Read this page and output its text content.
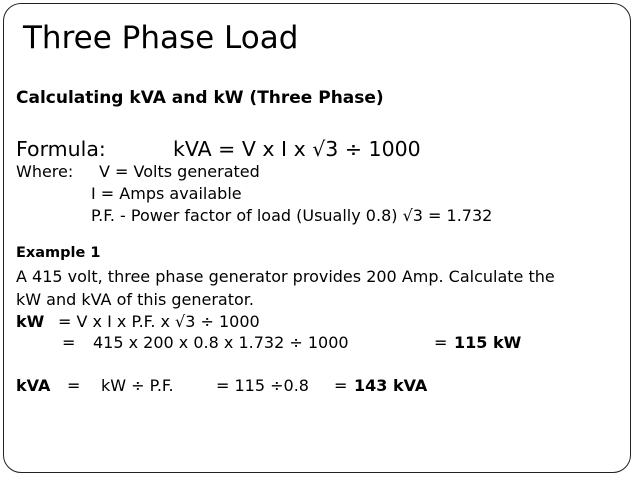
Three Phase Load
Calculating kVA and kW (Three Phase)
Formula:	kVA = V x I x √3 ÷ 1000
Where: V = Volts generated
I = Amps available
P.F. - Power factor of load (Usually 0.8) √3 = 1.732
Example 1
A 415 volt, three phase generator provides 200 Amp. Calculate the
kW and kVA of this generator.
kW = V x I x P.F. x √3 ÷ 1000
= 415 x 200 x 0.8 x 1.732 ÷ 1000	= 115 kW
kVA = kW ÷ P.F.	= 115 ÷0.8 = 143 kVA
